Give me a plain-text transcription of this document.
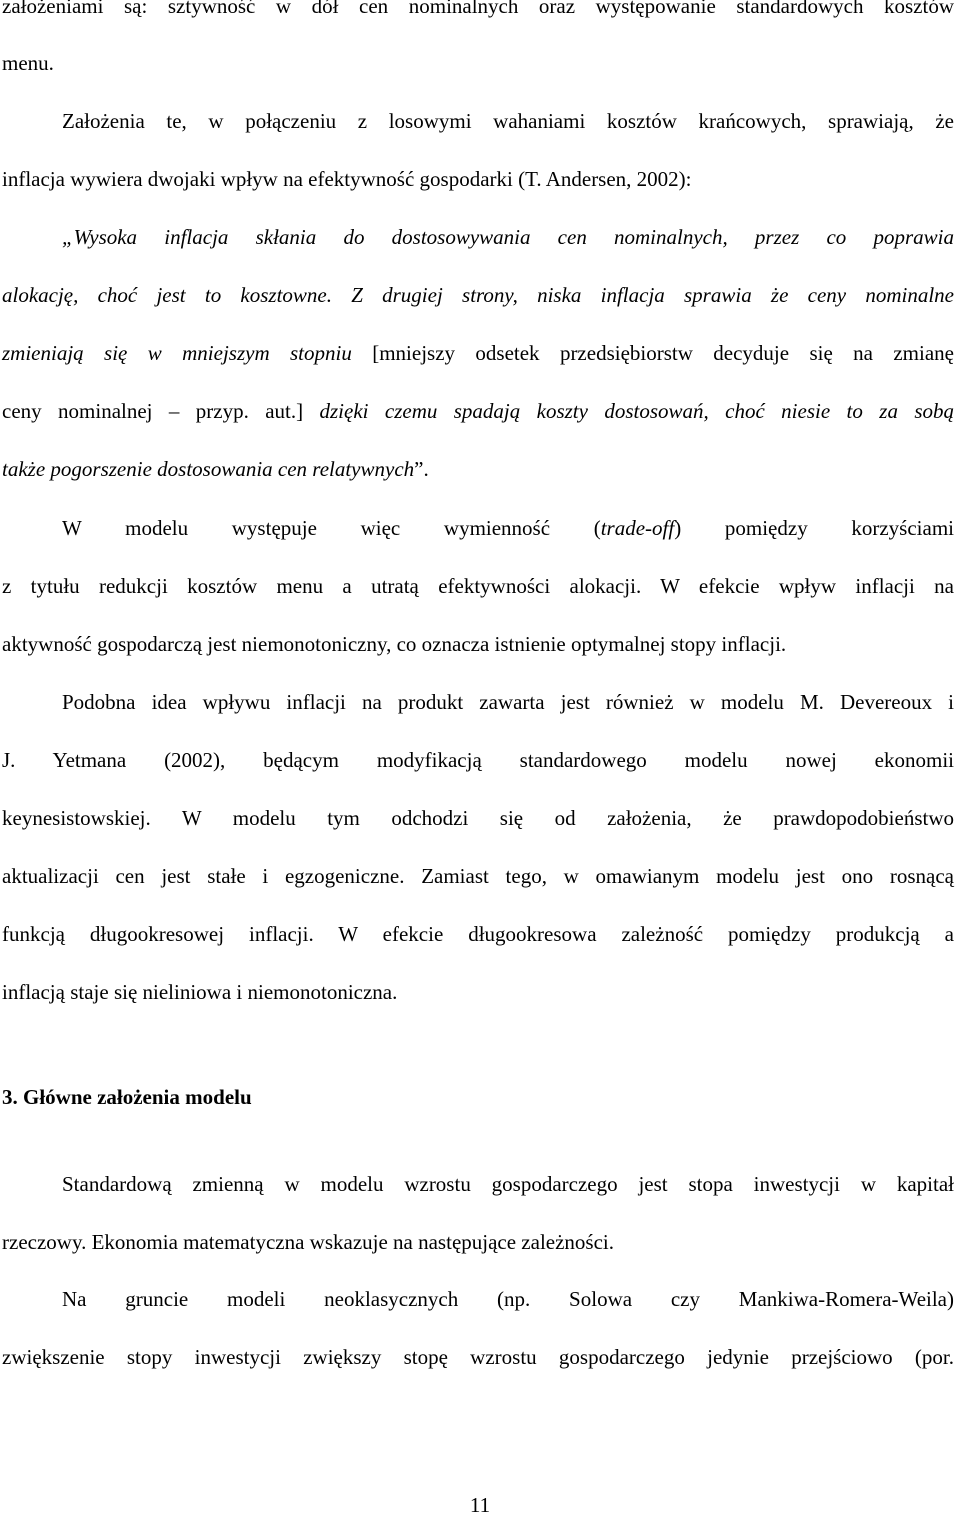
założeniami są: sztywność w dół cen nominalnych oraz występowanie standardowych kosztów
menu.
Założenia te, w połączeniu z losowymi wahaniami kosztów krańcowych, sprawiają, że
inflacja wywiera dwojaki wpływ na efektywność gospodarki (T. Andersen, 2002):
„Wysoka inflacja skłania do dostosowywania cen nominalnych, przez co poprawia
alokację, choć jest to kosztowne. Z drugiej strony, niska inflacja sprawia że ceny nominalne
zmieniają się w mniejszym stopniu [mniejszy odsetek przedsiębiorstw decyduje się na zmianę
ceny nominalnej – przyp. aut.] dzięki czemu spadają koszty dostosowań, choć niesie to za sobą
także pogorszenie dostosowania cen relatywnych”.
W modelu występuje więc wymienność (trade-off) pomiędzy korzyściami
z tytułu redukcji kosztów menu a utratą efektywności alokacji. W efekcie wpływ inflacji na
aktywność gospodarczą jest niemonotoniczny, co oznacza istnienie optymalnej stopy inflacji.
Podobna idea wpływu inflacji na produkt zawarta jest również w modelu M. Devereoux i
J. Yetmana (2002), będącym modyfikacją standardowego modelu nowej ekonomii
keynesistowskiej. W modelu tym odchodzi się od założenia, że prawdopodobieństwo
aktualizacji cen jest stałe i egzogeniczne. Zamiast tego, w omawianym modelu jest ono rosnącą
funkcją długookresowej inflacji. W efekcie długookresowa zależność pomiędzy produkcją a
inflacją staje się nieliniowa i niemonotoniczna.
3. Główne założenia modelu
Standardową zmienną w modelu wzrostu gospodarczego jest stopa inwestycji w kapitał
rzeczowy. Ekonomia matematyczna wskazuje na następujące zależności.
Na gruncie modeli neoklasycznych (np. Solowa czy Mankiwa-Romera-Weila)
zwiększenie stopy inwestycji zwiększy stopę wzrostu gospodarczego jedynie przejściowo (por.
11
